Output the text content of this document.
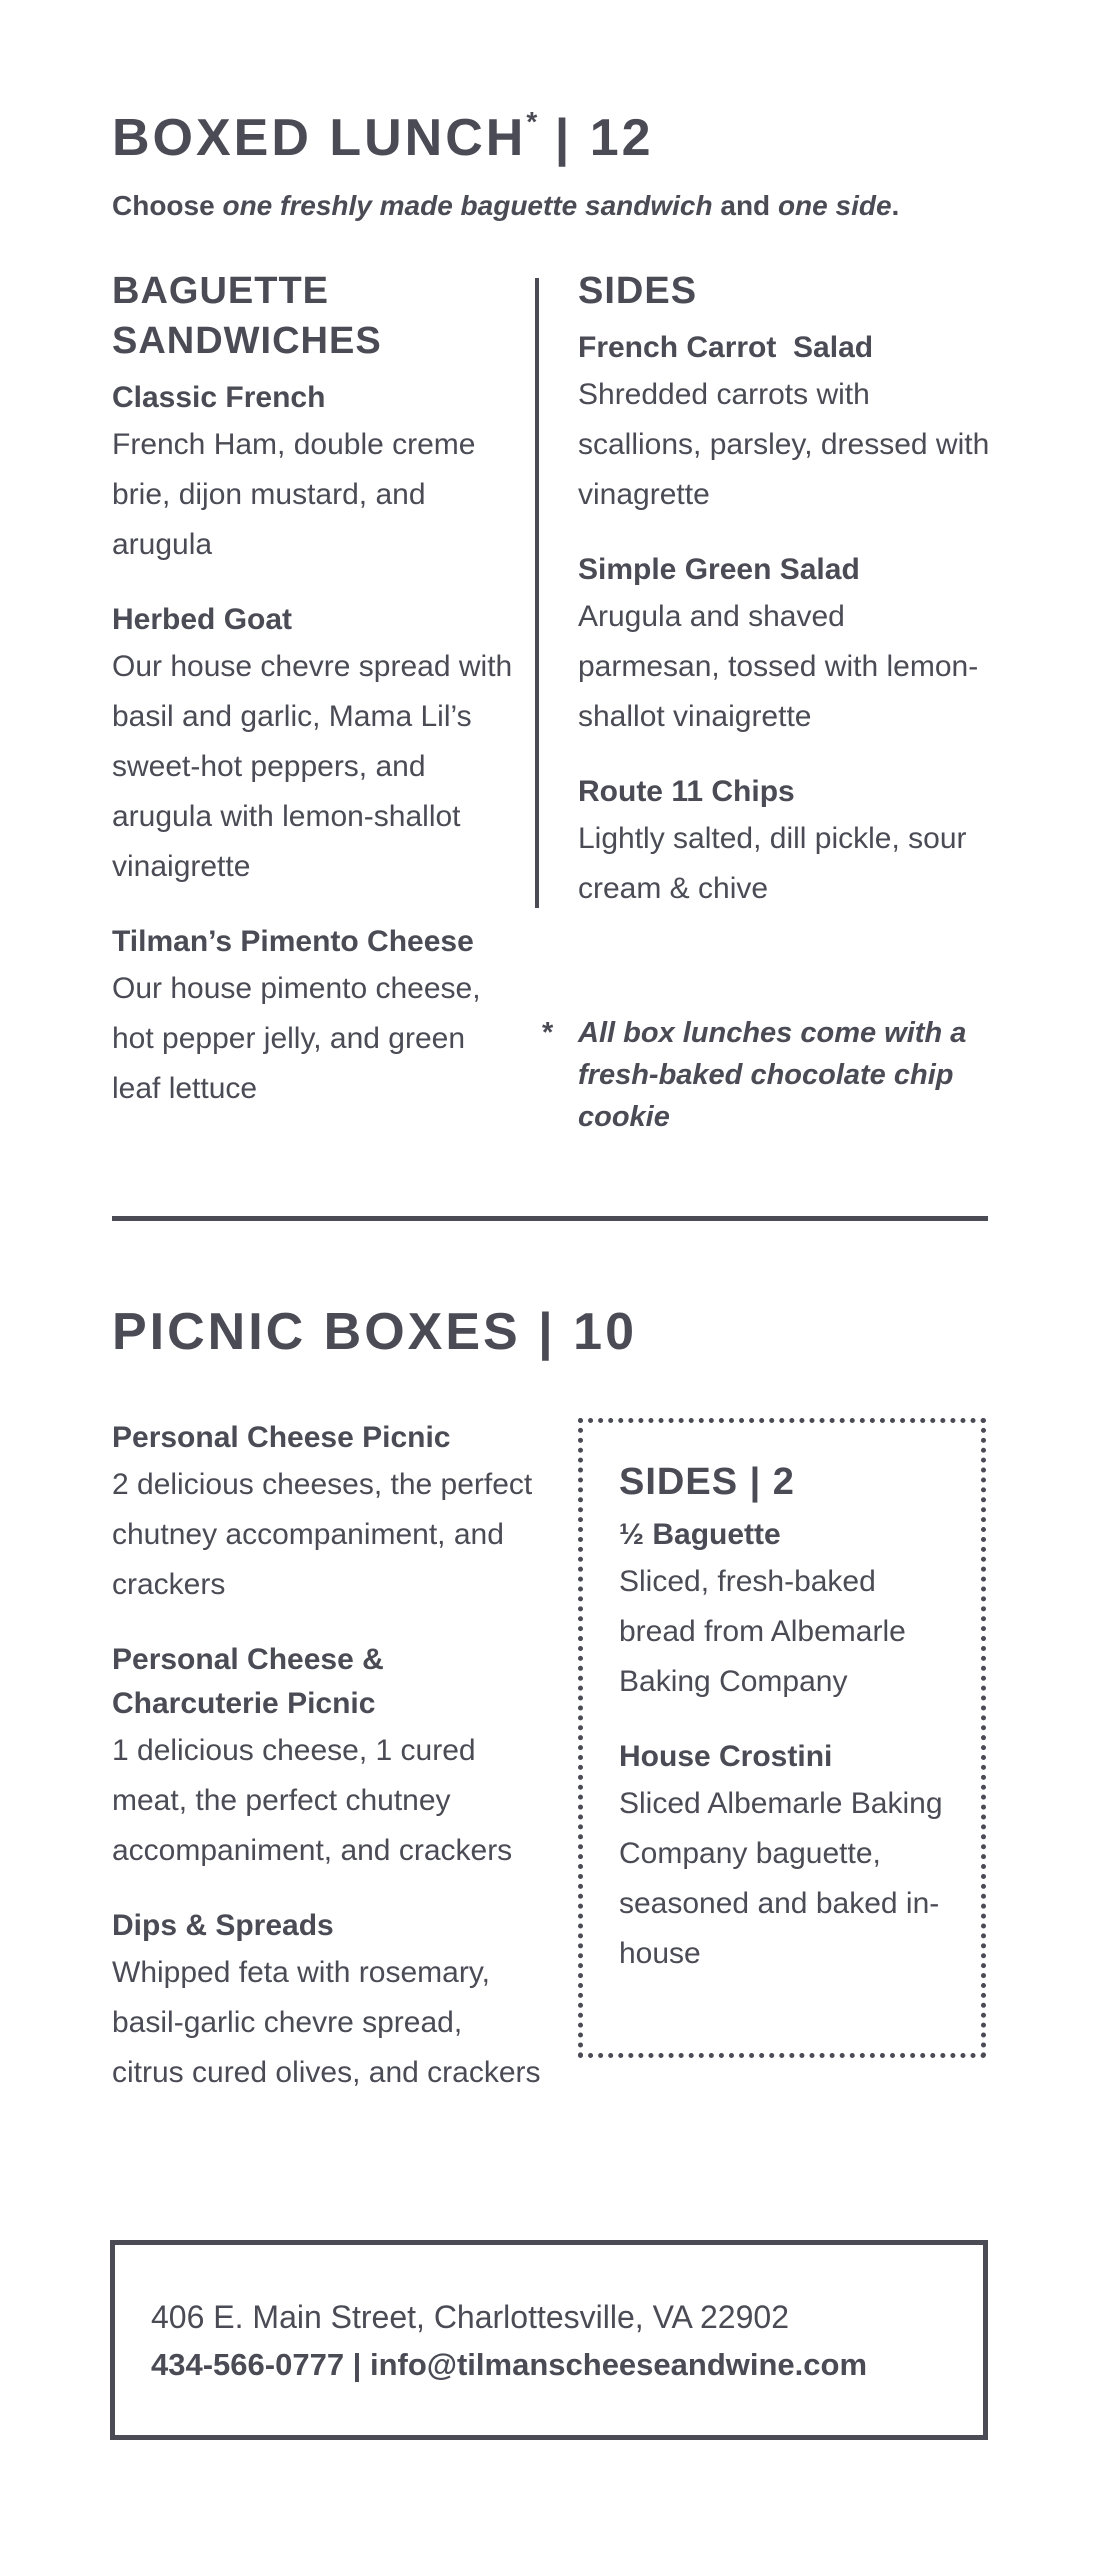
BOXED LUNCH* | 12
Choose one freshly made baguette sandwich and one side.
BAGUETTE
SANDWICHES
Classic French
French Ham, double creme brie, dijon mustard, and arugula
Herbed Goat
Our house chevre spread with basil and garlic, Mama Lil’s sweet-hot peppers, and arugula with lemon-shallot vinaigrette
Tilman’s Pimento Cheese
Our house pimento cheese, hot pepper jelly, and green leaf lettuce
SIDES
French Carrot  Salad
Shredded carrots with scallions, parsley, dressed with vinagrette
Simple Green Salad
Arugula and shaved parmesan, tossed with lemon-shallot vinaigrette
Route 11 Chips
Lightly salted, dill pickle, sour cream & chive
* All box lunches come with a fresh-baked chocolate chip cookie
PICNIC BOXES | 10
Personal Cheese Picnic
2 delicious cheeses, the perfect chutney accompaniment, and crackers
Personal Cheese & Charcuterie Picnic
1 delicious cheese, 1 cured meat, the perfect chutney accompaniment, and crackers
Dips & Spreads
Whipped feta with rosemary, basil-garlic chevre spread, citrus cured olives, and crackers
SIDES | 2
½ Baguette
Sliced, fresh-baked bread from Albemarle Baking Company
House Crostini
Sliced Albemarle Baking Company baguette, seasoned and baked in-house
406 E. Main Street, Charlottesville, VA 22902
434-566-0777 | info@tilmanscheeseandwine.com
